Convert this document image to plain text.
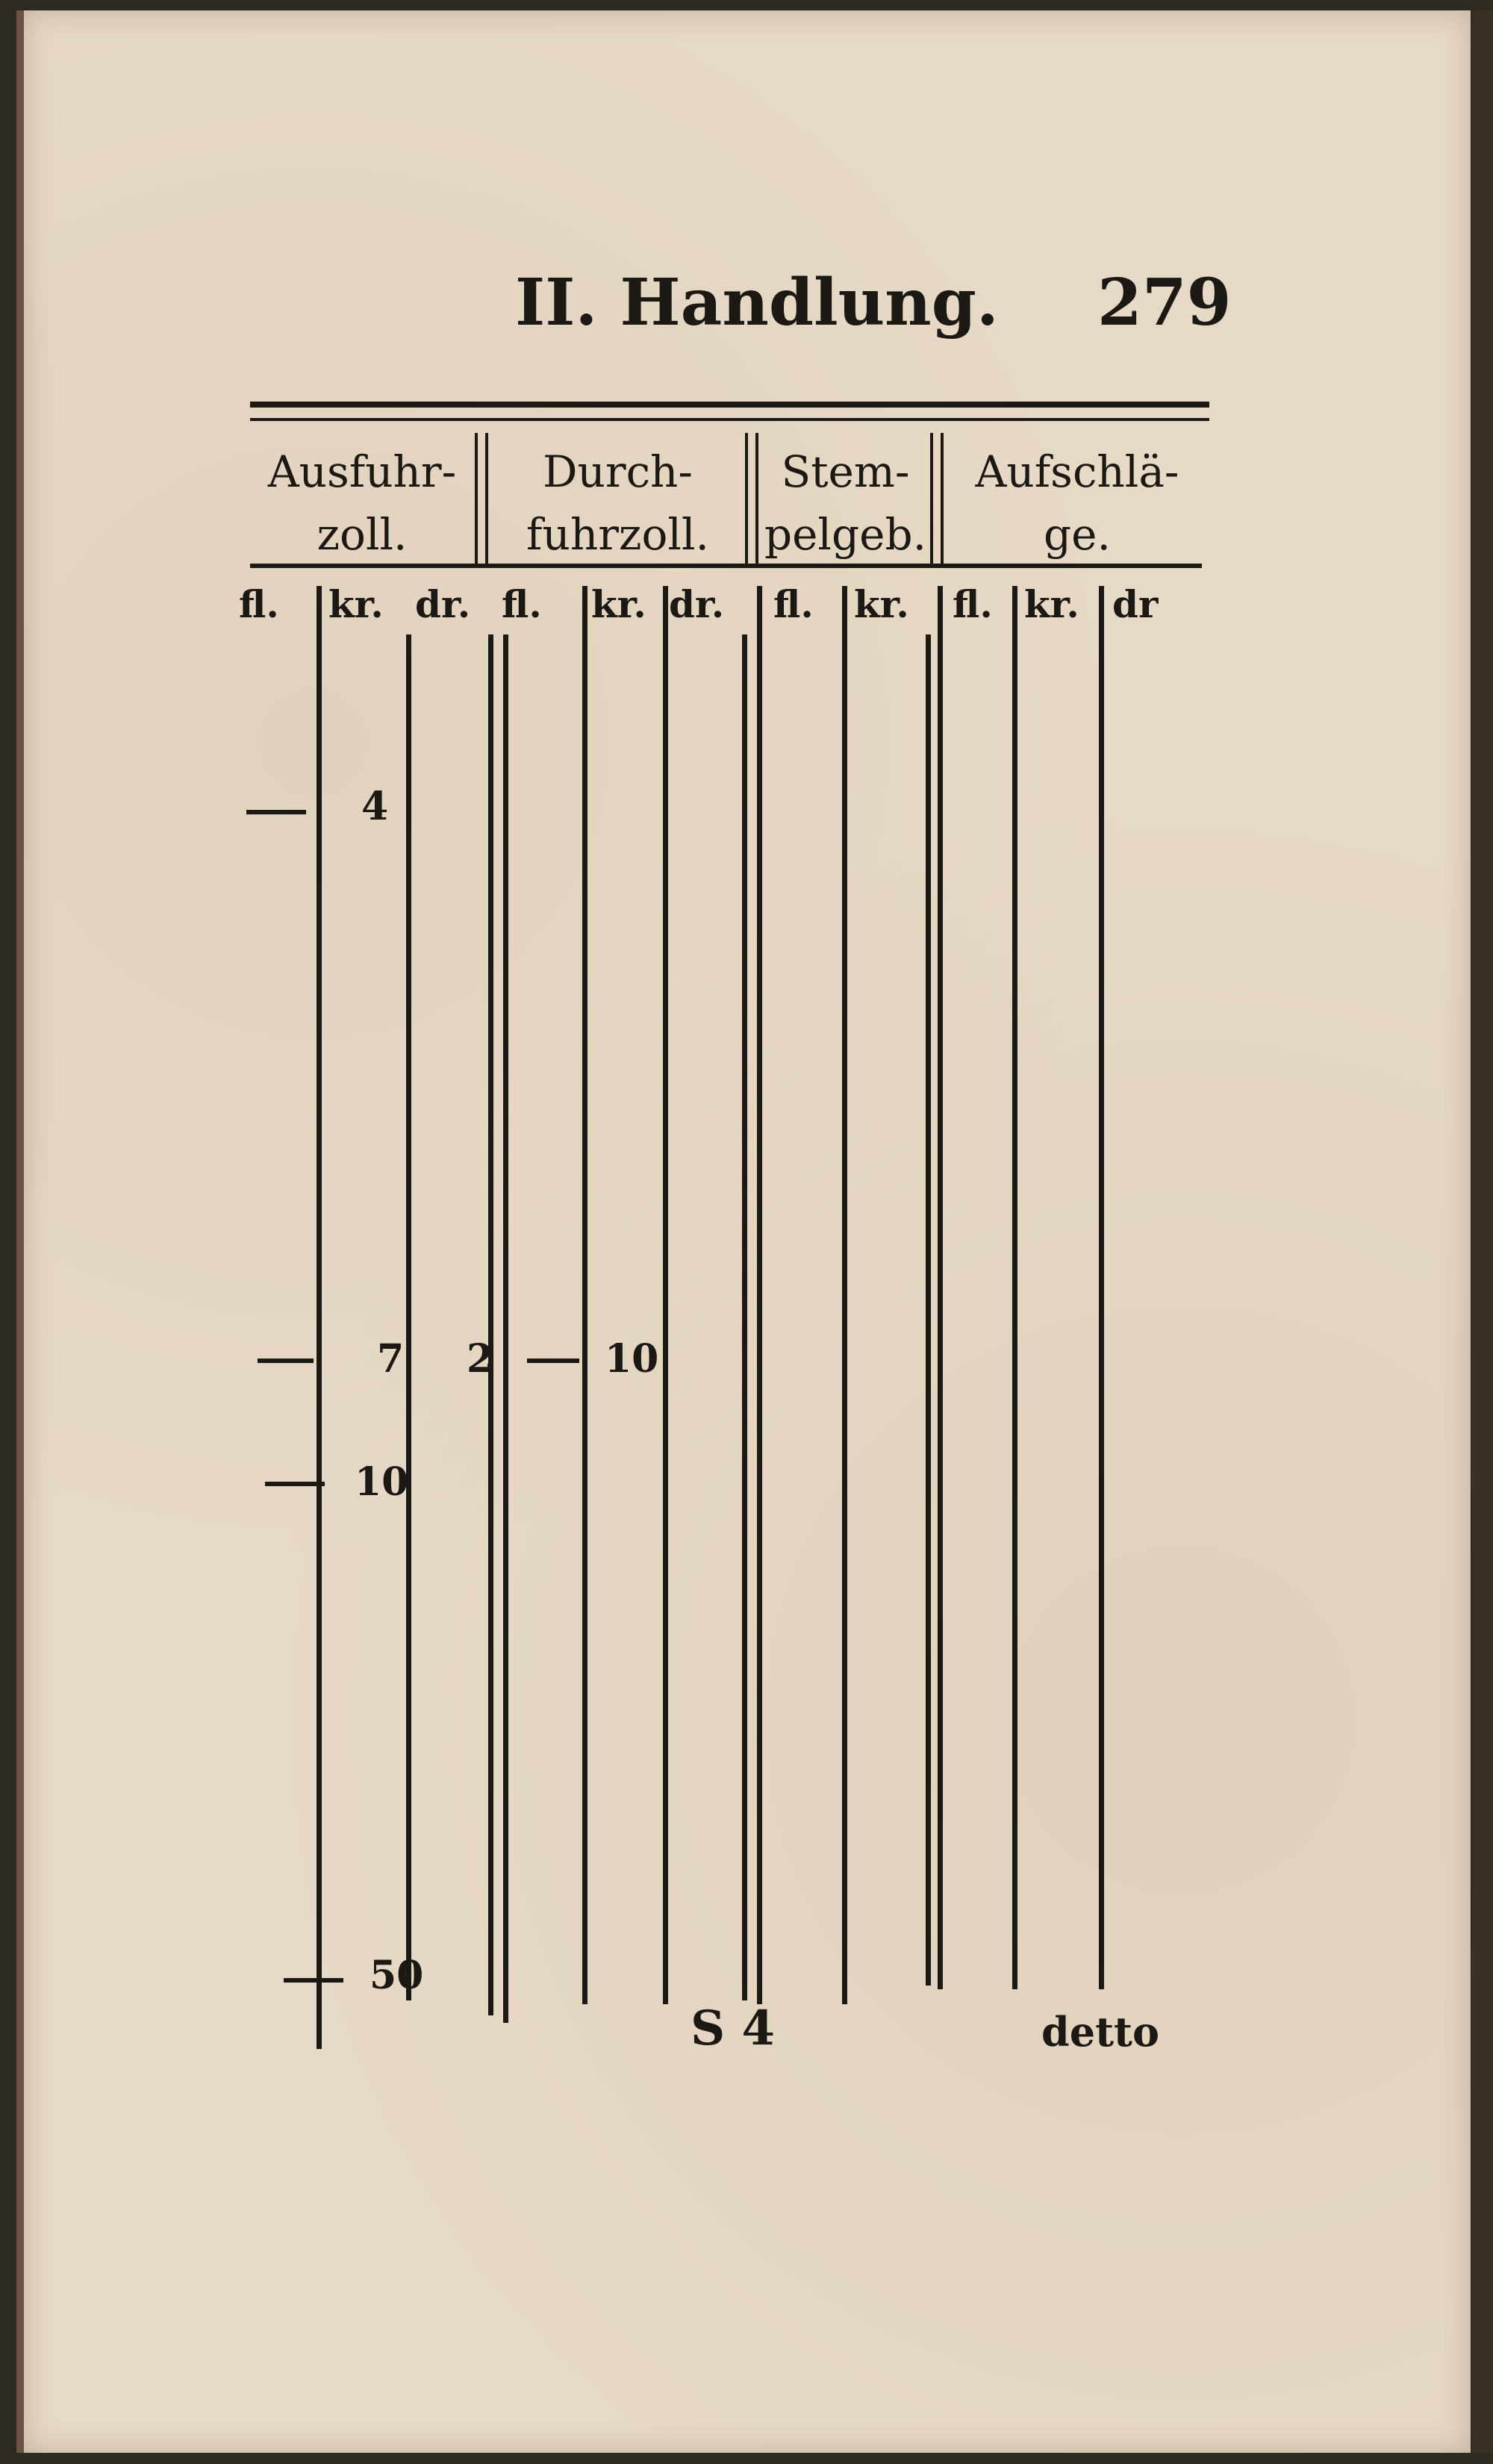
II. Handlung. 279
Ausfuhr-
zoll.
Durch-
fuhrzoll.
Stem-
pelgeb.
Aufschlä-
ge.
fl. kr. dr. fl. kr. dr. fl. kr. fl. kr. dr
4
7 2	10
10
50
S 4	detto
